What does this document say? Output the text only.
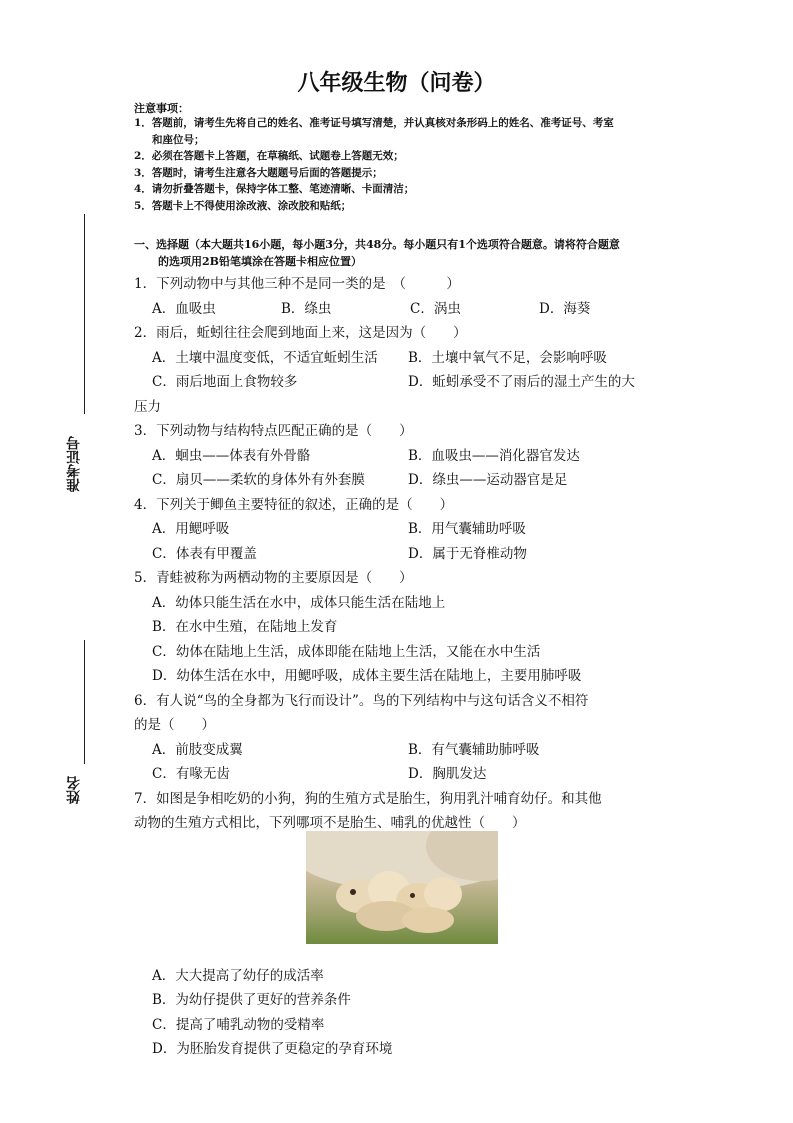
八年级生物（问卷）
注意事项：
1．答题前，请考生先将自己的姓名、准考证号填写清楚，并认真核对条形码上的姓名、准考证号、考室
和座位号；
2．必须在答题卡上答题，在草稿纸、试题卷上答题无效；
3．答题时，请考生注意各大题题号后面的答题提示；
4．请勿折叠答题卡，保持字体工整、笔迹清晰、卡面清洁；
5．答题卡上不得使用涂改液、涂改胶和贴纸；
准考证号
姓名
一、选择题（本大题共16小题，每小题3分，共48分。每小题只有1个选项符合题意。请将符合题意
的选项用2B铅笔填涂在答题卡相应位置）
1．下列动物中与其他三种不是同一类的是　（　　　）
A．血吸虫	B．绦虫	C．涡虫	D．海葵
2．雨后，蚯蚓往往会爬到地面上来，这是因为（　　）
A．土壤中温度变低，不适宜蚯蚓生活	B．土壤中氧气不足，会影响呼吸
C．雨后地面上食物较多	D．蚯蚓承受不了雨后的湿土产生的大
压力
3．下列动物与结构特点匹配正确的是（　　）
A．蛔虫——体表有外骨骼	B．血吸虫——消化器官发达
C．扇贝——柔软的身体外有外套膜	D．绦虫——运动器官是足
4．下列关于鲫鱼主要特征的叙述，正确的是（　　）
A．用鳃呼吸	B．用气囊辅助呼吸
C．体表有甲覆盖	D．属于无脊椎动物
5．青蛙被称为两栖动物的主要原因是（　　）
A．幼体只能生活在水中，成体只能生活在陆地上
B．在水中生殖，在陆地上发育
C．幼体在陆地上生活，成体即能在陆地上生活，又能在水中生活
D．幼体生活在水中，用鳃呼吸，成体主要生活在陆地上，主要用肺呼吸
6．有人说“鸟的全身都为飞行而设计”。鸟的下列结构中与这句话含义不相符
的是（　　）
A．前肢变成翼	B．有气囊辅助肺呼吸
C．有喙无齿	D．胸肌发达
7．如图是争相吃奶的小狗，狗的生殖方式是胎生，狗用乳汁哺育幼仔。和其他
动物的生殖方式相比，下列哪项不是胎生、哺乳的优越性（　　）
A．大大提高了幼仔的成活率
B．为幼仔提供了更好的营养条件
C．提高了哺乳动物的受精率
D．为胚胎发育提供了更稳定的孕育环境
